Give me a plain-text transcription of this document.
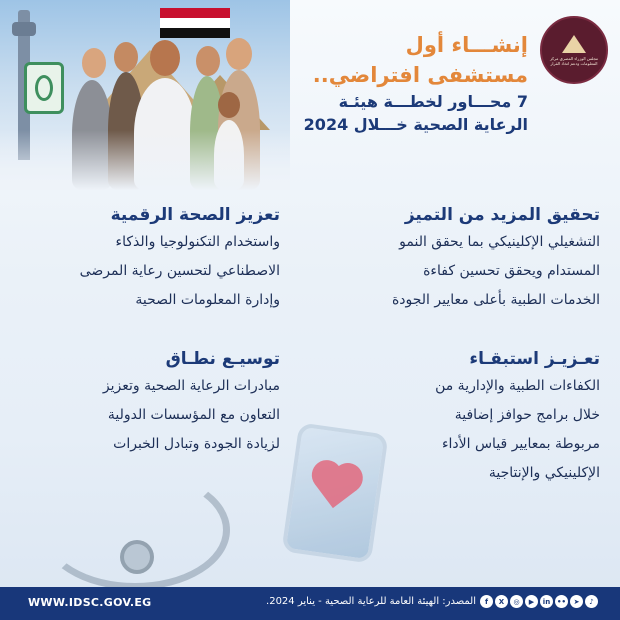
مجلس الوزراء المصري مركز المعلومات ودعم اتخاذ القرار
إنشـــاء أول
مستشفى افتراضي..
7 محـــاور لخطـــة هيئـة
الرعاية الصحية خـــلال 2024
تحقيق المزيد من التميز
التشغيلي الإكلينيكي بما يحقق النمو
المستدام ويحقق تحسين كفاءة
الخدمات الطبية بأعلى معايير الجودة
تعزيز الصحة الرقمية
واستخدام التكنولوجيا والذكاء
الاصطناعي لتحسين رعاية المرضى
وإدارة المعلومات الصحية
تعـزيـز استبقـاء
الكفاءات الطبية والإدارية من
خلال برامج حوافز إضافية
مربوطة بمعايير قياس الأداء
الإكلينيكي والإنتاجية
توسيـع نطـاق
مبادرات الرعاية الصحية وتعزيز
التعاون مع المؤسسات الدولية
لزيادة الجودة وتبادل الخبرات
WWW.IDSC.GOV.EG	المصدر: الهيئة العامة للرعاية الصحية - يناير 2024.	f	X	◎	▶	in ••	➤	♪
